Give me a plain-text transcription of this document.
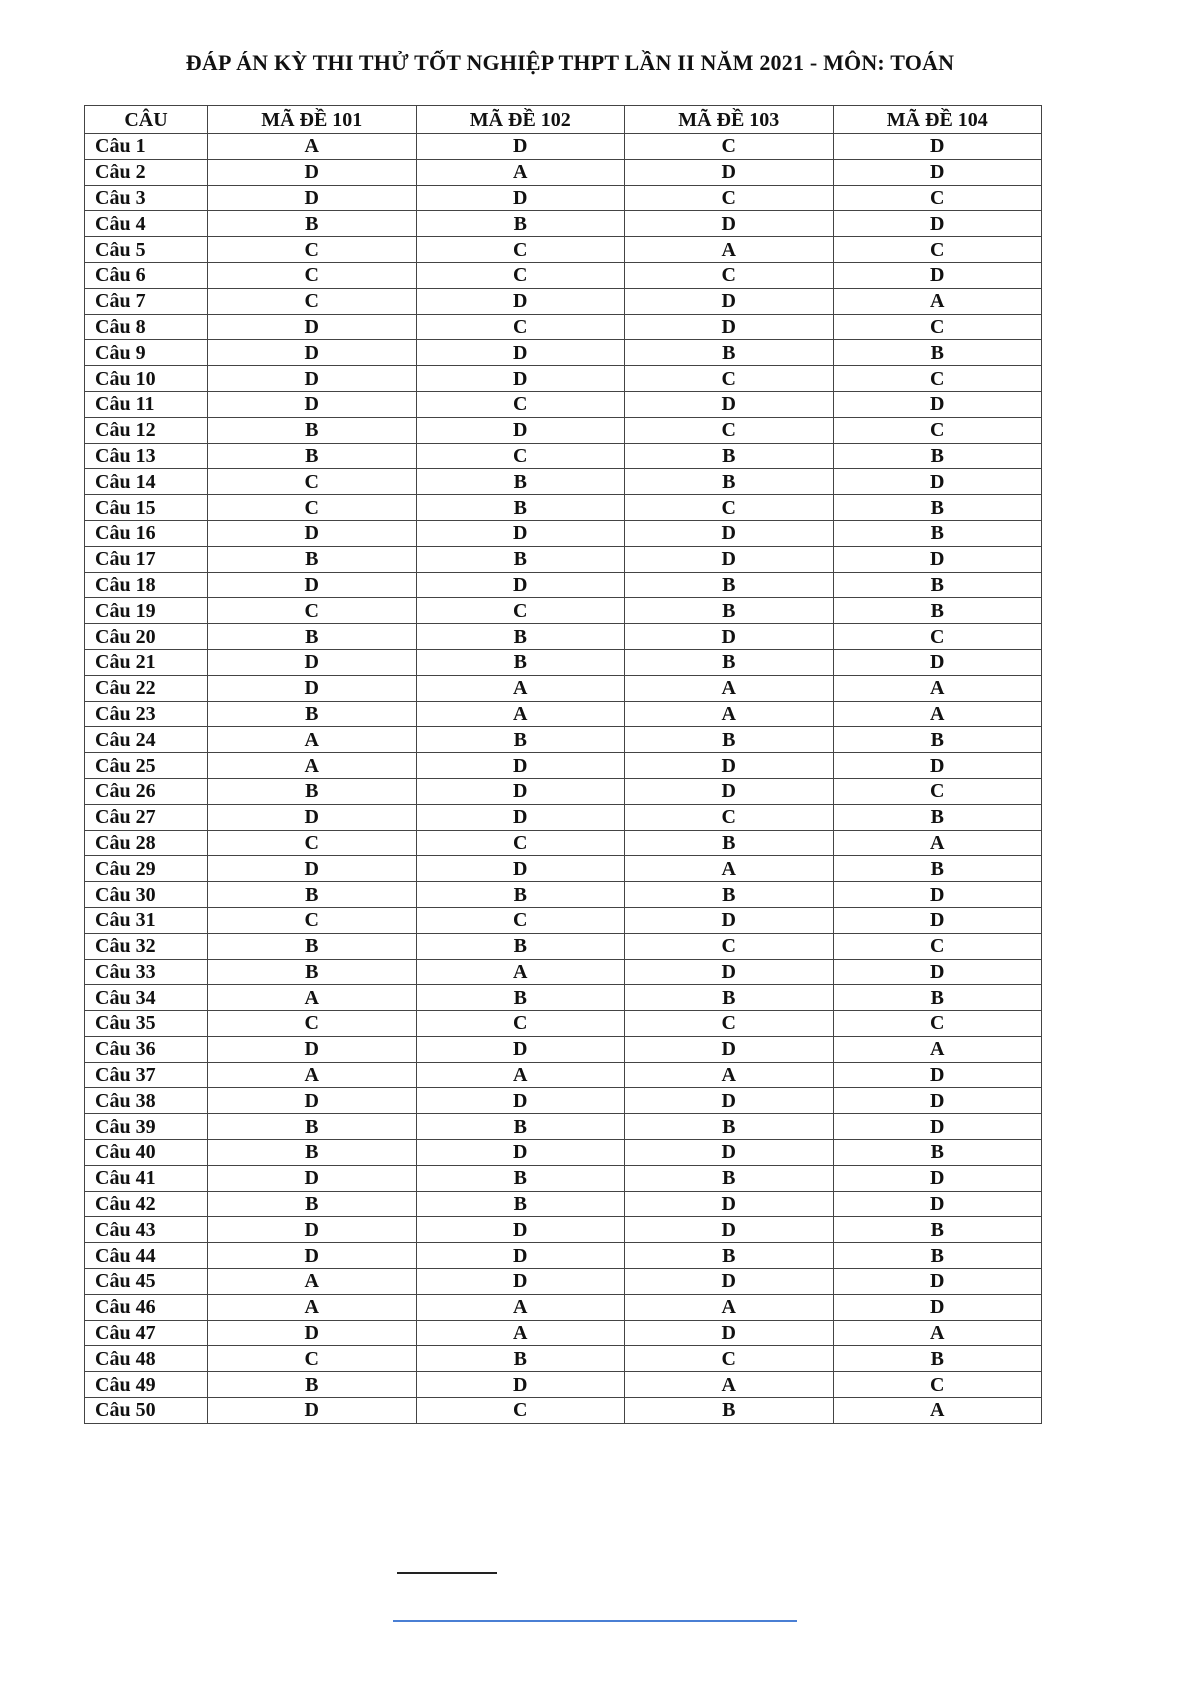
ĐÁP ÁN KỲ THI THỬ TỐT NGHIỆP THPT LẦN II NĂM 2021 - MÔN: TOÁN
CÂU	MÃ ĐỀ 101	MÃ ĐỀ 102	MÃ ĐỀ 103	MÃ ĐỀ 104
Câu 1	A	D	C	D
Câu 2	D	A	D	D
Câu 3	D	D	C	C
Câu 4	B	B	D	D
Câu 5	C	C	A	C
Câu 6	C	C	C	D
Câu 7	C	D	D	A
Câu 8	D	C	D	C
Câu 9	D	D	B	B
Câu 10	D	D	C	C
Câu 11	D	C	D	D
Câu 12	B	D	C	C
Câu 13	B	C	B	B
Câu 14	C	B	B	D
Câu 15	C	B	C	B
Câu 16	D	D	D	B
Câu 17	B	B	D	D
Câu 18	D	D	B	B
Câu 19	C	C	B	B
Câu 20	B	B	D	C
Câu 21	D	B	B	D
Câu 22	D	A	A	A
Câu 23	B	A	A	A
Câu 24	A	B	B	B
Câu 25	A	D	D	D
Câu 26	B	D	D	C
Câu 27	D	D	C	B
Câu 28	C	C	B	A
Câu 29	D	D	A	B
Câu 30	B	B	B	D
Câu 31	C	C	D	D
Câu 32	B	B	C	C
Câu 33	B	A	D	D
Câu 34	A	B	B	B
Câu 35	C	C	C	C
Câu 36	D	D	D	A
Câu 37	A	A	A	D
Câu 38	D	D	D	D
Câu 39	B	B	B	D
Câu 40	B	D	D	B
Câu 41	D	B	B	D
Câu 42	B	B	D	D
Câu 43	D	D	D	B
Câu 44	D	D	B	B
Câu 45	A	D	D	D
Câu 46	A	A	A	D
Câu 47	D	A	D	A
Câu 48	C	B	C	B
Câu 49	B	D	A	C
Câu 50	D	C	B	A
